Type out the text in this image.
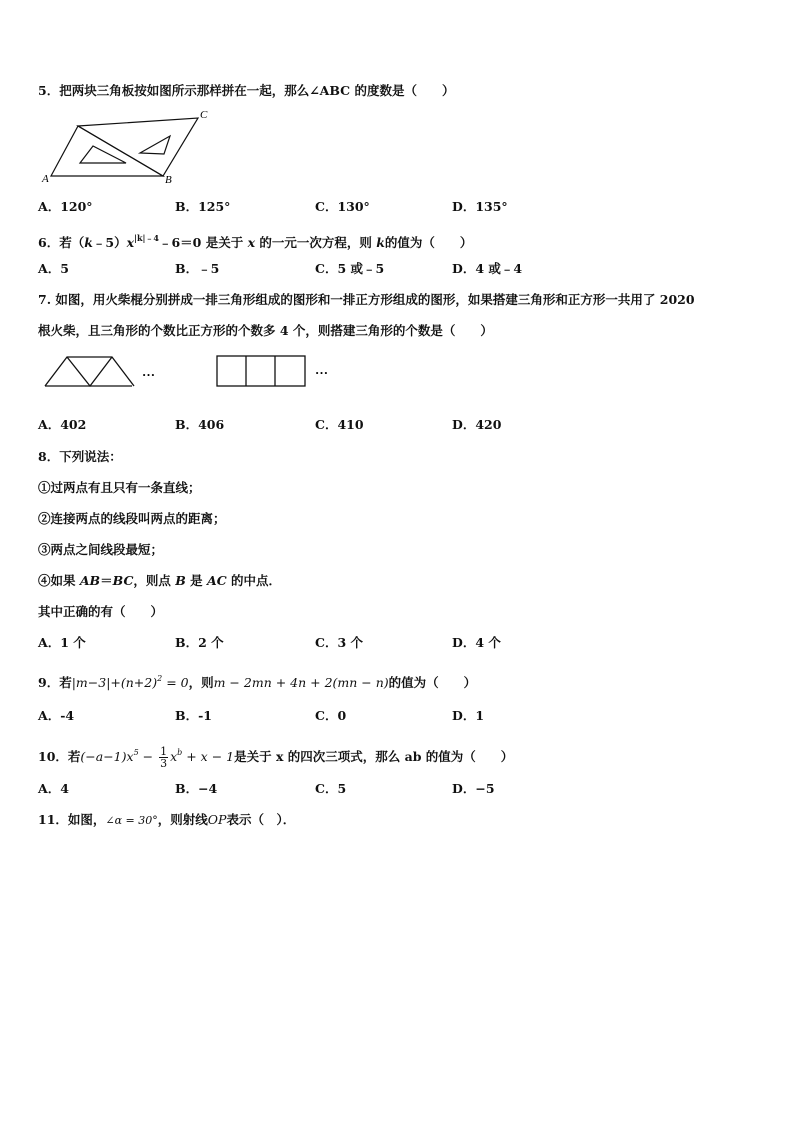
5．把两块三角板按如图所示那样拼在一起，那么∠ABC 的度数是（　　）
A	B
C
A．120°	B．125°	C．130°	D．135°
6．若$(k﹣5)x^{|k|﹣4}﹣6=0$ 是关于 x 的一元一次方程，则 k的值为（　　）
A．5	B．﹣5	C．5 或﹣5	D．4 或﹣4
7. 如图，用火柴棍分别拼成一排三角形组成的图形和一排正方形组成的图形，如果搭建三角形和正方形一共用了 2020
根火柴，且三角形的个数比正方形的个数多 4 个，则搭建三角形的个数是（　　）
…	…
A．402	B．406	C．410	D．420
8．下列说法：
①过两点有且只有一条直线；
②连接两点的线段叫两点的距离；
③两点之间线段最短；
④如果 AB＝BC，则点 B 是 AC 的中点．
其中正确的有（　　）
A．1 个	B．2 个	C．3 个	D．4 个
9．若$|m-3|+(n+2)^2 = 0$，则m − 2mn + 4n + 2(mn − n)的值为（　　）
A．-4	B．-1	C．0	D．1
10．若$(-a-1)x^5 - \frac{1}{3} x^b + x - 1$是关于 x 的四次三项式，那么 ab 的值为（　　）
A．4	B．−4	C．5	D．−5
11．如图，∠α = 30°，则射线OP表示（　）．
